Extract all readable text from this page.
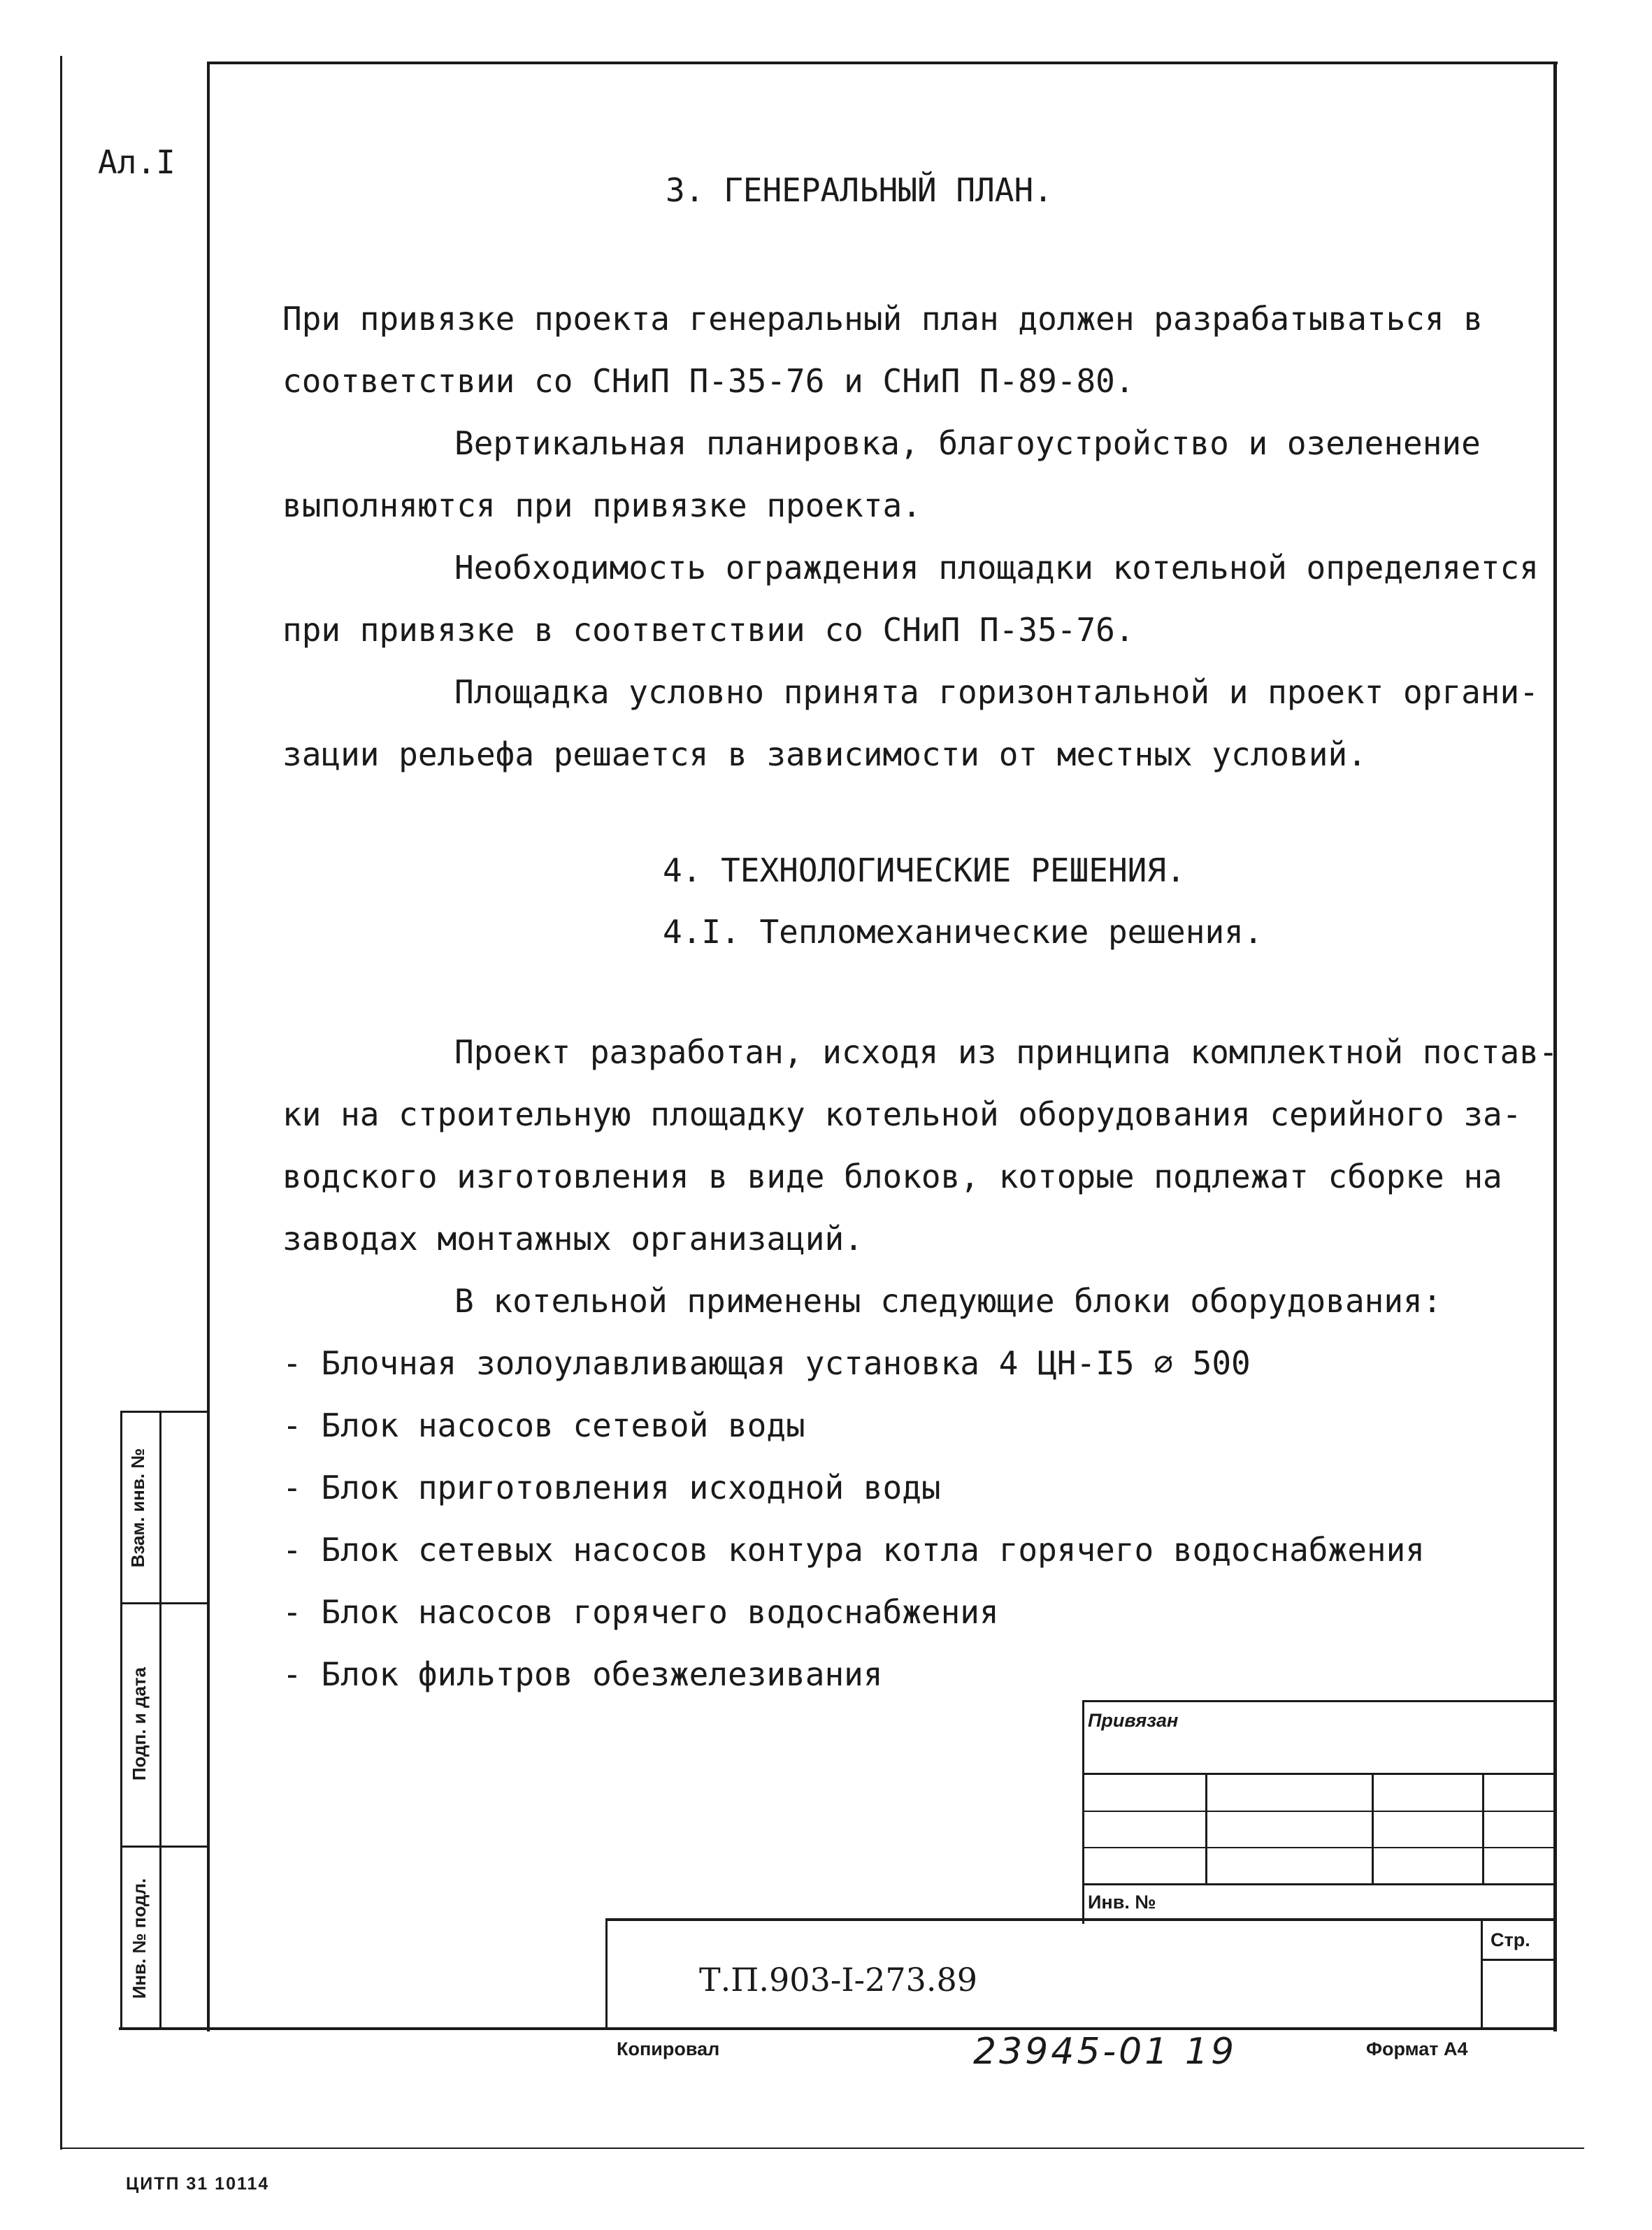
Ал.I
3. ГЕНЕРАЛЬНЫЙ ПЛАН.
При привязке проекта генеральный план должен разрабатываться в
соответствии со СНиП П-35-76 и СНиП П-89-80.
Вертикальная планировка, благоустройство и озеленение
выполняются при привязке проекта.
Необходимость ограждения площадки котельной определяется
при привязке в соответствии со СНиП П-35-76.
Площадка условно принята горизонтальной и проект органи-
зации рельефа решается в зависимости от местных условий.
4. ТЕХНОЛОГИЧЕСКИЕ РЕШЕНИЯ.
4.I. Тепломеханические решения.
Проект разработан, исходя из принципа комплектной постав-
ки на строительную площадку котельной оборудования серийного за-
водского изготовления в виде блоков, которые подлежат сборке на
заводах монтажных организаций.
В котельной применены следующие блоки оборудования:
- Блочная золоулавливающая установка 4 ЦН-I5 ⌀ 500
- Блок насосов сетевой воды
- Блок приготовления исходной воды
- Блок сетевых насосов контура котла горячего водоснабжения
- Блок насосов горячего водоснабжения
- Блок фильтров обезжелезивания
Взам. инв. №
Подп. и дата
Инв. № подл.
Привязан
Инв. №
Т.П.903-I-273.89
Стр.
Копировал	23945-01 19	Формат А4
ЦИТП 31 10114
